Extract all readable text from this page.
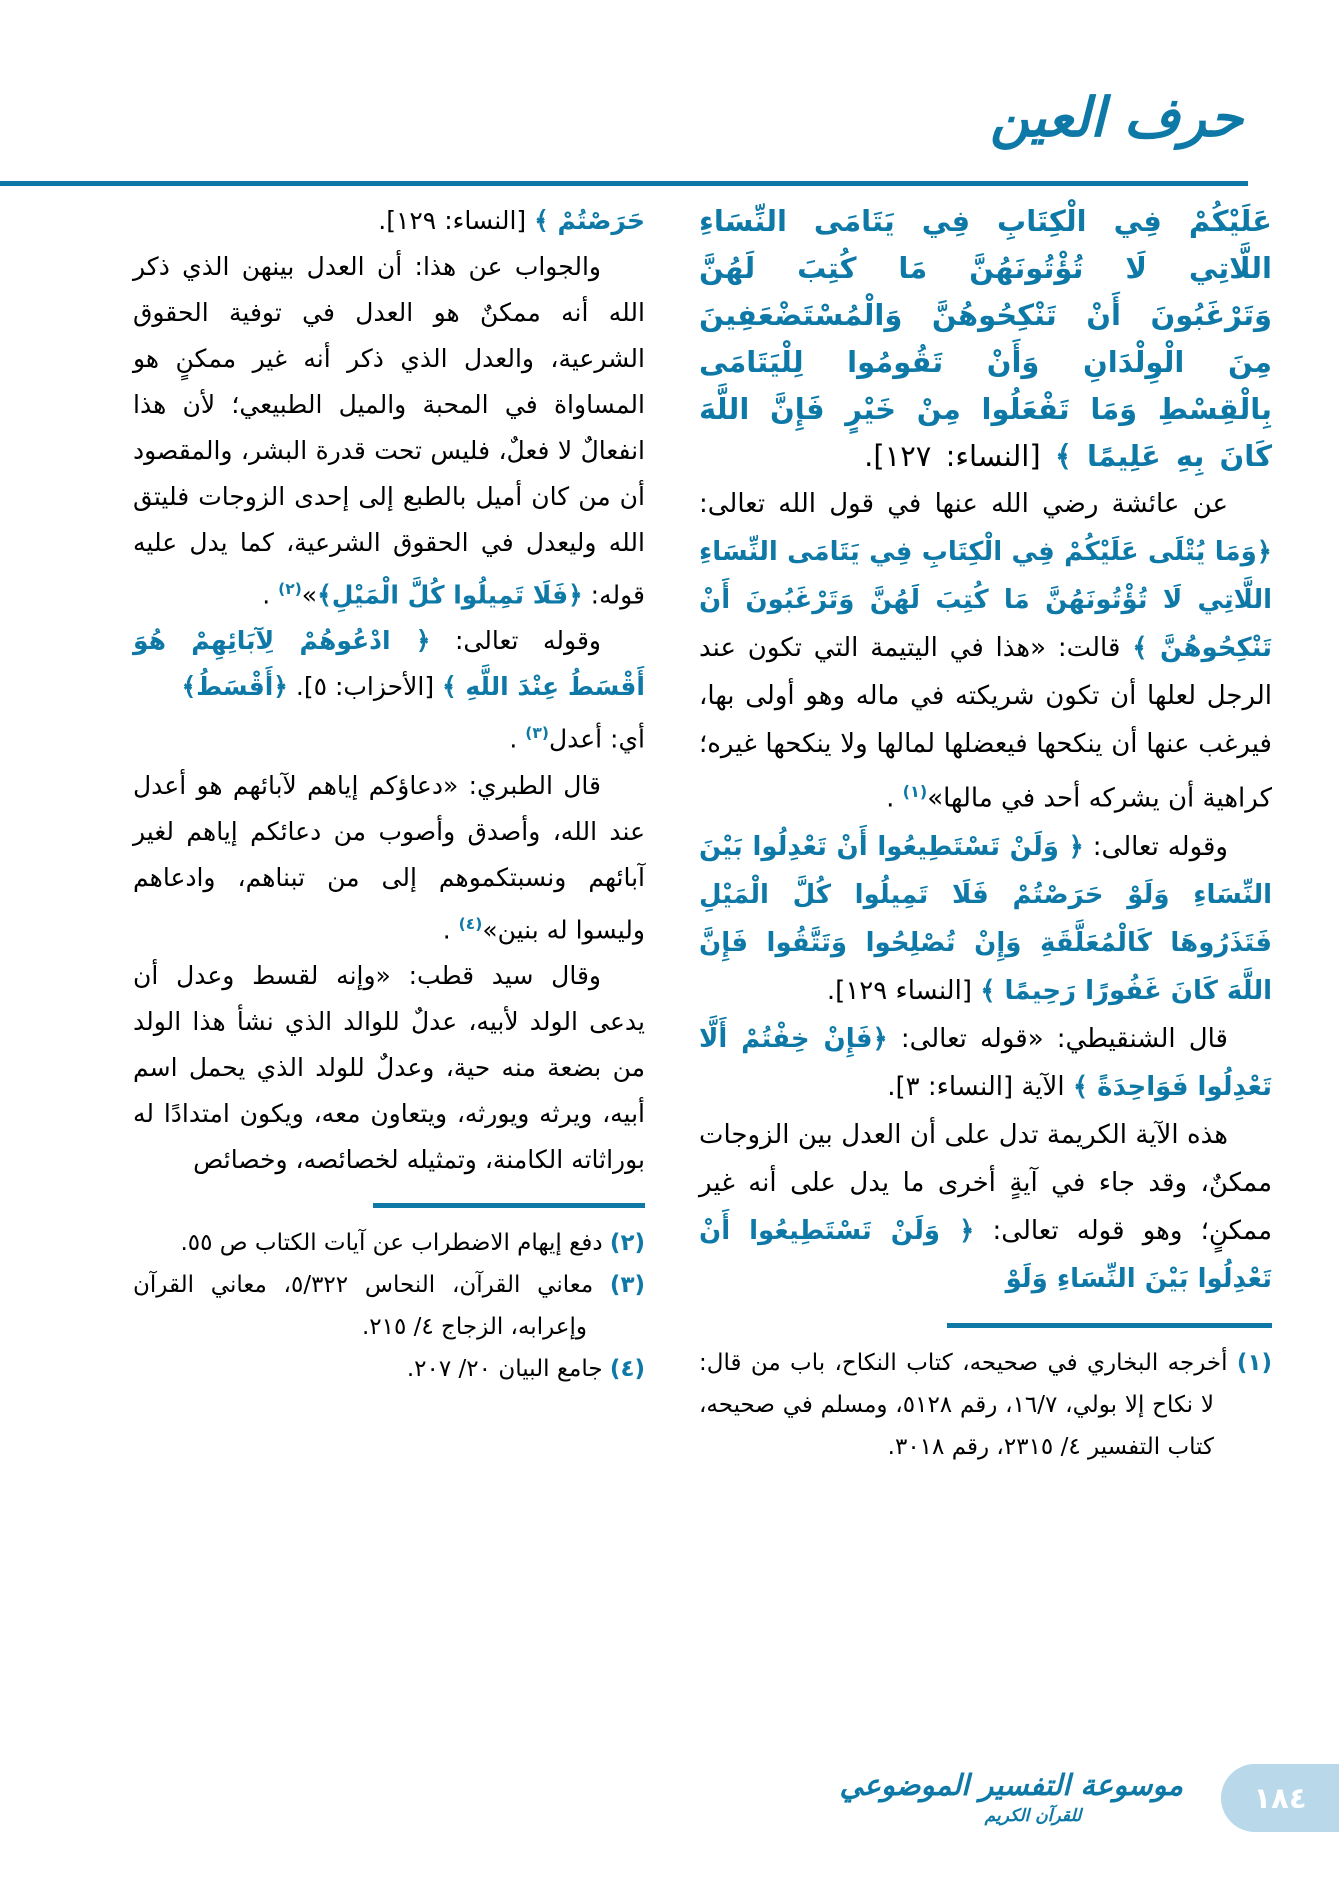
حرف العين
عَلَيْكُمْ فِي الْكِتَابِ فِي يَتَامَى النِّسَاءِ اللَّاتِي لَا تُؤْتُونَهُنَّ مَا كُتِبَ لَهُنَّ وَتَرْغَبُونَ أَنْ تَنْكِحُوهُنَّ وَالْمُسْتَضْعَفِينَ مِنَ الْوِلْدَانِ وَأَنْ تَقُومُوا لِلْيَتَامَى بِالْقِسْطِ وَمَا تَفْعَلُوا مِنْ خَيْرٍ فَإِنَّ اللَّهَ كَانَ بِهِ عَلِيمًا ﴾ [النساء: ١٢٧].
عن عائشة رضي الله عنها في قول الله تعالى: ﴿وَمَا يُتْلَى عَلَيْكُمْ فِي الْكِتَابِ فِي يَتَامَى النِّسَاءِ اللَّاتِي لَا تُؤْتُونَهُنَّ مَا كُتِبَ لَهُنَّ وَتَرْغَبُونَ أَنْ تَنْكِحُوهُنَّ ﴾ قالت: «هذا في اليتيمة التي تكون عند الرجل لعلها أن تكون شريكته في ماله وهو أولى بها، فيرغب عنها أن ينكحها فيعضلها لمالها ولا ينكحها غيره؛ كراهية أن يشركه أحد في مالها»$^{(١)}$ .
وقوله تعالى: ﴿ وَلَنْ تَسْتَطِيعُوا أَنْ تَعْدِلُوا بَيْنَ النِّسَاءِ وَلَوْ حَرَصْتُمْ فَلَا تَمِيلُوا كُلَّ الْمَيْلِ فَتَذَرُوهَا كَالْمُعَلَّقَةِ وَإِنْ تُصْلِحُوا وَتَتَّقُوا فَإِنَّ اللَّهَ كَانَ غَفُورًا رَحِيمًا ﴾ [النساء ١٢٩].
قال الشنقيطي: «قوله تعالى: ﴿فَإِنْ خِفْتُمْ أَلَّا تَعْدِلُوا فَوَاحِدَةً ﴾ الآية [النساء: ٣].
هذه الآية الكريمة تدل على أن العدل بين الزوجات ممكنٌ، وقد جاء في آيةٍ أخرى ما يدل على أنه غير ممكنٍ؛ وهو قوله تعالى: ﴿ وَلَنْ تَسْتَطِيعُوا أَنْ تَعْدِلُوا بَيْنَ النِّسَاءِ وَلَوْ
(١) أخرجه البخاري في صحيحه، كتاب النكاح، باب من قال: لا نكاح إلا بولي، ١٦/٧، رقم ٥١٢٨، ومسلم في صحيحه، كتاب التفسير ٤/ ٢٣١٥، رقم ٣٠١٨.
حَرَصْتُمْ ﴾ [النساء: ١٢٩].
والجواب عن هذا: أن العدل بينهن الذي ذكر الله أنه ممكنٌ هو العدل في توفية الحقوق الشرعية، والعدل الذي ذكر أنه غير ممكنٍ هو المساواة في المحبة والميل الطبيعي؛ لأن هذا انفعالٌ لا فعلٌ، فليس تحت قدرة البشر، والمقصود أن من كان أميل بالطبع إلى إحدى الزوجات فليتق الله وليعدل في الحقوق الشرعية، كما يدل عليه قوله: ﴿فَلَا تَمِيلُوا كُلَّ الْمَيْلِ﴾»$^{(٢)}$ .
وقوله تعالى: ﴿ ادْعُوهُمْ لِآبَائِهِمْ هُوَ أَقْسَطُ عِنْدَ اللَّهِ ﴾ [الأحزاب: ٥]. ﴿أَقْسَطُ﴾
أي: أعدل$^{(٣)}$ .
قال الطبري: «دعاؤكم إياهم لآبائهم هو أعدل عند الله، وأصدق وأصوب من دعائكم إياهم لغير آبائهم ونسبتكموهم إلى من تبناهم، وادعاهم وليسوا له بنين»$^{(٤)}$ .
وقال سيد قطب: «وإنه لقسط وعدل أن يدعى الولد لأبيه، عدلٌ للوالد الذي نشأ هذا الولد من بضعة منه حية، وعدلٌ للولد الذي يحمل اسم أبيه، ويرثه ويورثه، ويتعاون معه، ويكون امتدادًا له بوراثاته الكامنة، وتمثيله لخصائصه، وخصائص
(٢) دفع إيهام الاضطراب عن آيات الكتاب ص ٥٥.
(٣) معاني القرآن، النحاس ٥/٣٢٢، معاني القرآن وإعرابه، الزجاج ٤/ ٢١٥.
(٤) جامع البيان ٢٠/ ٢٠٧.
موسوعة التفسير الموضوعي
للقرآن الكريم
١٨٤
